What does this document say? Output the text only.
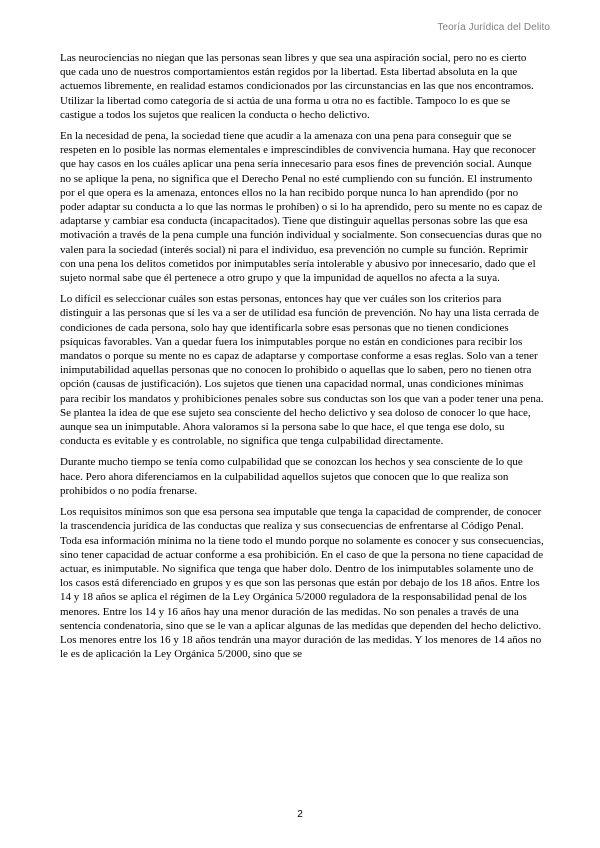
Teoría Jurídica del Delito

Las neurociencias no niegan que las personas sean libres y que sea una aspiración social, pero no es cierto que cada uno de nuestros comportamientos están regidos por la libertad. Esta libertad absoluta en la que actuemos libremente, en realidad estamos condicionados por las circunstancias en las que nos encontramos. Utilizar la libertad como categoría de si actúa de una forma u otra no es factible. Tampoco lo es que se castigue a todos los sujetos que realicen la conducta o hecho delictivo.

En la necesidad de pena, la sociedad tiene que acudir a la amenaza con una pena para conseguir que se respeten en lo posible las normas elementales e imprescindibles de convivencia humana. Hay que reconocer que hay casos en los cuáles aplicar una pena sería innecesario para esos fines de prevención social. Aunque no se aplique la pena, no significa que el Derecho Penal no esté cumpliendo con su función. El instrumento por el que opera es la amenaza, entonces ellos no la han recibido porque nunca lo han aprendido (por no poder adaptar su conducta a lo que las normas le prohíben) o si lo ha aprendido, pero su mente no es capaz de adaptarse y cambiar esa conducta (incapacitados). Tiene que distinguir aquellas personas sobre las que esa motivación a través de la pena cumple una función individual y socialmente. Son consecuencias duras que no valen para la sociedad (interés social) ni para el individuo, esa prevención no cumple su función. Reprimir con una pena los delitos cometidos por inimputables sería intolerable y abusivo por innecesario, dado que el sujeto normal sabe que él pertenece a otro grupo y que la impunidad de aquellos no afecta a la suya.

Lo difícil es seleccionar cuáles son estas personas, entonces hay que ver cuáles son los criterios para distinguir a las personas que sí les va a ser de utilidad esa función de prevención. No hay una lista cerrada de condiciones de cada persona, solo hay que identificarla sobre esas personas que no tienen condiciones psíquicas favorables. Van a quedar fuera los inimputables porque no están en condiciones para recibir los mandatos o porque su mente no es capaz de adaptarse y comportase conforme a esas reglas. Solo van a tener inimputabilidad aquellas personas que no conocen lo prohibido o aquellas que lo saben, pero no tienen otra opción (causas de justificación). Los sujetos que tienen una capacidad normal, unas condiciones mínimas para recibir los mandatos y prohibiciones penales sobre sus conductas son los que van a poder tener una pena. Se plantea la idea de que ese sujeto sea consciente del hecho delictivo y sea doloso de conocer lo que hace, aunque sea un inimputable. Ahora valoramos si la persona sabe lo que hace, el que tenga ese dolo, su conducta es evitable y es controlable, no significa que tenga culpabilidad directamente.

Durante mucho tiempo se tenía como culpabilidad que se conozcan los hechos y sea consciente de lo que hace. Pero ahora diferenciamos en la culpabilidad aquellos sujetos que conocen que lo que realiza son prohibidos o no podía frenarse.

Los requisitos mínimos son que esa persona sea imputable que tenga la capacidad de comprender, de conocer la trascendencia jurídica de las conductas que realiza y sus consecuencias de enfrentarse al Código Penal. Toda esa información mínima no la tiene todo el mundo porque no solamente es conocer y sus consecuencias, sino tener capacidad de actuar conforme a esa prohibición. En el caso de que la persona no tiene capacidad de actuar, es inimputable. No significa que tenga que haber dolo. Dentro de los inimputables solamente uno de los casos está diferenciado en grupos y es que son las personas que están por debajo de los 18 años. Entre los 14 y 18 años se aplica el régimen de la Ley Orgánica 5/2000 reguladora de la responsabilidad penal de los menores. Entre los 14 y 16 años hay una menor duración de las medidas. No son penales a través de una sentencia condenatoria, sino que se le van a aplicar algunas de las medidas que dependen del hecho delictivo. Los menores entre los 16 y 18 años tendrán una mayor duración de las medidas. Y los menores de 14 años no le es de aplicación la Ley Orgánica 5/2000, sino que se

2
